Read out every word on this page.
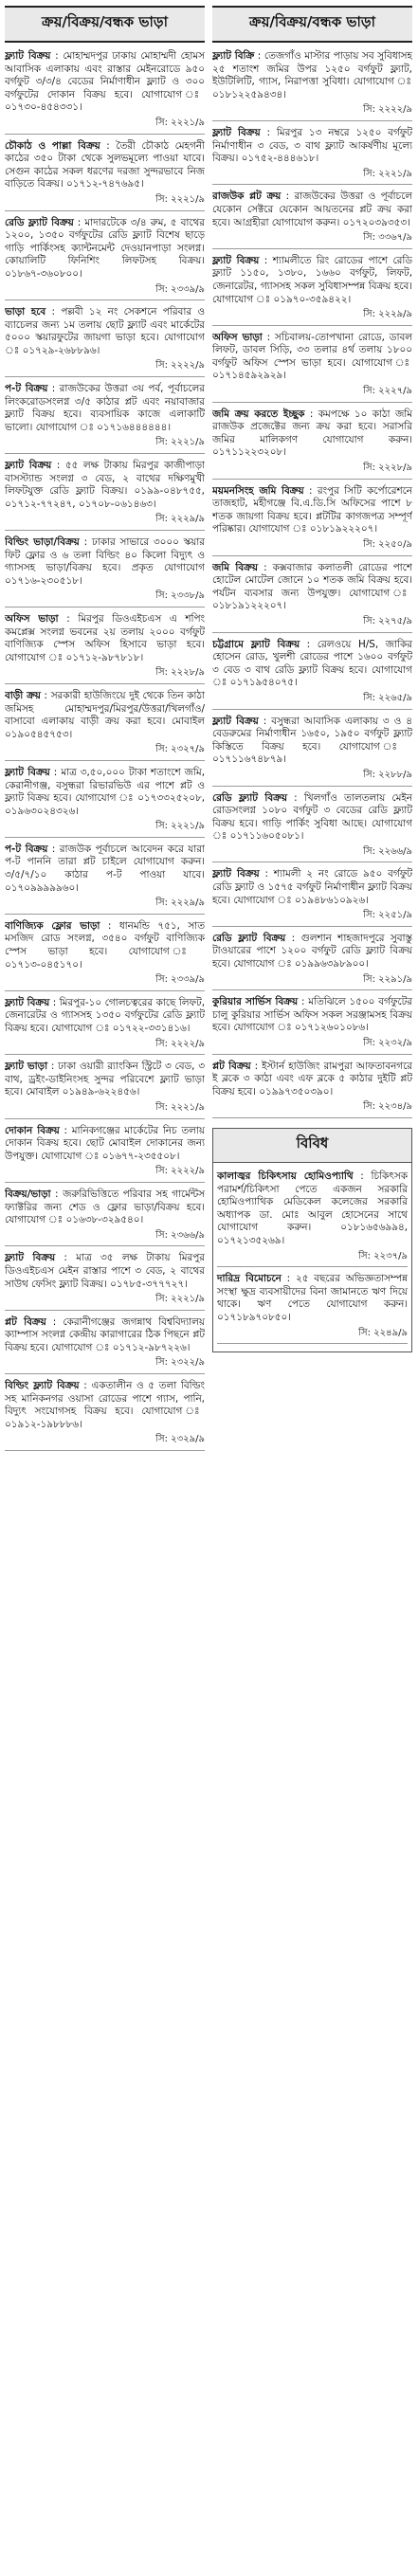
ক্রয়/বিক্রয়/বন্ধক ভাড়া
ফ্ল্যাট বিক্রয় : মোহাম্মদপুর ঢাকায় মোহাম্মদী হোমস আবাসিক এলাকায় এবং রাস্তার মেইনরোডে ৯৫০ বর্গফুট ৩/৩/৪ বেডের নির্মাণাধীন ফ্ল্যাট ও ৩০০ বর্গফুটের দোকান বিক্রয় হবে। যোগাযোগ ঃ ০১৭৩০-৪৫৪৩৩১।
সি: ২২২১/৯
চৌকাঠ ও পাল্লা বিক্রয় : তৈরী চৌকাঠ মেহগনী কাঠের ৩৫০ টাকা থেকে সুলভমূল্যে পাওয়া যাবে। সেগুন কাঠের সকল ধরণের দরজা সুন্দরভাবে নিজ বাড়িতে বিক্রয়। ০১৭১২-৭৪৭৬৯৫।
সি: ২২২১/৯
রেডি ফ্ল্যাট বিক্রয় : মাদারটেকে ৩/৪ রুম, ৫ বাথের ১২০০, ১৩৫০ বর্গফুটের রেডি ফ্ল্যাট বিশেষ ছাড়ে গাড়ি পার্কিংসহ ক্যান্টনমেন্ট দেওয়ানপাড়া সংলগ্ন। কোয়ালিটি ফিনিশিং লিফটসহ বিক্রয়। ০১৮৬৭-৩৬০৮০০।
সি: ২৩৩৯/৯
ভাড়া হবে : পল্লবী ১২ নং সেকশনে পরিবার ও ব্যাচেলর জন্য ১ম তলায় ছোট ফ্ল্যাট এবং মার্কেটের ৫০০০ স্কয়ারফুটের জায়গা ভাড়া হবে। যোগাযোগ ঃ ০১৭২৯-২৬৮৮৯৬।
সি: ২২২২/৯
প-ট বিক্রয় : রাজউকের উত্তরা ৩য় পর্ব, পূর্বাচলের লিংকরোডসংলগ্ন ৩/৫ কাঠার প্লট এবং নয়াবাজার ফ্ল্যাট বিক্রয় হবে। ব্যবসায়িক কাজে এলাকাটি ভালো। যোগাযোগ ঃ ০১৭১৬৪৪৪৪৪৪।
সি: ২২২১/৯
ফ্ল্যাট বিক্রয় : ৫৫ লক্ষ টাকায় মিরপুর কাজীপাড়া বাসস্ট্যান্ড সংলগ্ন ৩ বেড, ২ বাথের দক্ষিণমুখী লিফটযুক্ত রেডি ফ্ল্যাট বিক্রয়। ০১৯৯-০৪৮৭৫৫, ০১৭১২-৭৭২৪৭, ০১৭০৮-০৬১৪৬৩।
সি: ২২২৯/৯
বিল্ডিং ভাড়া/বিক্রয় : ঢাকার সাভারে ৩০০০ স্কয়ার ফিট ফ্লোর ও ৬ তলা বিল্ডিং ৪০ কিলো বিদ্যুৎ ও গ্যাসসহ ভাড়া/বিক্রয় হবে। প্রকৃত যোগাযোগ ০১৭১৬-২৩০৫১৮।
সি: ২৩৩৮/৯
অফিস ভাড়া : মিরপুর ডিওএইচএস এ শপিং কমপ্লেক্স সংলগ্ন ভবনের ২য় তলায় ২০০০ বর্গফুট বাণিজ্যিক স্পেস অফিস হিসাবে ভাড়া হবে। যোগাযোগ ঃ ০১৭১২-৯৮৭৮১৮।
সি: ২২২৮/৯
বাড়ী ক্রয় : সরকারী হাউজিংয়ে দুই থেকে তিন কাঠা জমিসহ মোহাম্মদপুর/মিরপুর/উত্তরা/খিলগাঁও/বাসাবো এলাকায় বাড়ী ক্রয় করা হবে। মোবাইল ০১৯০৫৪৫৭৫৩।
সি: ২৩২৭/৯
ফ্ল্যাট বিক্রয় : মাত্র ৩,৫০,০০০ টাকা শতাংশে জমি, কেরানীগঞ্জ, বসুন্ধরা রিভারভিউ এর পাশে প্লট ও ফ্ল্যাট বিক্রয় হবে। যোগাযোগ ঃ ০১৭৩৩২৫২০৮, ০১৯৬৩০২৪৩২৬।
সি: ২২২১/৯
প-ট বিক্রয় : রাজউক পূর্বাচলে আবেদন করে যারা প-ট পাননি তারা প্লট চাইলে যোগাযোগ করুন। ৩/৫/৭/১০ কাঠার প-ট পাওয়া যাবে। ০১৭০৯৯৯৯৯৬০।
সি: ২২২৯/৯
বাণিজ্যিক ফ্লোর ভাড়া : ধানমন্ডি ৭৫১, সাত মসজিদ রোড সংলগ্ন, ৩৫৪০ বর্গফুট বাণিজ্যিক স্পেস ভাড়া হবে। যোগাযোগ ঃ ০১৭১৩-০৪৫১৭০।
সি: ২৩৩৯/৯
ফ্ল্যাট বিক্রয় : মিরপুর-১০ গোলচত্বরের কাছে লিফট, জেনারেটর ও গ্যাসসহ ১৩৫০ বর্গফুটের রেডি ফ্ল্যাট বিক্রয় হবে। যোগাযোগ ঃ ০১৭২২-৩৩১৪১৬।
সি: ২২২২/৯
ফ্ল্যাট ভাড়া : ঢাকা ওয়ারী র‌্যাংকিন স্ট্রিটে ৩ বেড, ৩ বাথ, ড্রইং-ডাইনিংসহ সুন্দর পরিবেশে ফ্ল্যাট ভাড়া হবে। মোবাইল ০১৯৪৯-৬২২৪৫৬।
সি: ২২২১/৯
দোকান বিক্রয় : মানিকগঞ্জের মার্কেটের নিচ তলায় দোকান বিক্রয় হবে। ছোট মোবাইল দোকানের জন্য উপযুক্ত। যোগাযোগ ঃ ০১৬৭৭-২৩৫৫০৮।
সি: ২২২২/৯
বিক্রয়/ভাড়া : জরুরিভিত্তিতে পরিবার সহ গার্মেন্টস ফ্যাক্টরির জন্য শেড ও ফ্লোর ভাড়া/বিক্রয় হবে। যোগাযোগ ঃ ০১৬৩৮-৩২৯৫৪০।
সি: ২৩৬৬/৯
ফ্ল্যাট বিক্রয় : মাত্র ৩৫ লক্ষ টাকায় মিরপুর ডিওএইচএস মেইন রাস্তার পাশে ৩ বেড, ২ বাথের সাউথ ফেসিং ফ্ল্যাট বিক্রয়। ০১৭৮৫-৩৭৭৭২৭।
সি: ২২২১/৯
প্লট বিক্রয় : কেরানীগঞ্জের জগন্নাথ বিশ্ববিদ্যালয় ক্যাম্পাস সংলগ্ন কেন্দ্রীয় কারাগারের ঠিক পিছনে প্লট বিক্রয় হবে। যোগাযোগ ঃ ০১৭১২-৯৮৭২২৬।
সি: ২৩২২/৯
বিল্ডিং ফ্ল্যাট বিক্রয় : একতালীন ও ৫ তলা বিল্ডিং সহ মানিকনগর ওয়াসা রোডের পাশে গ্যাস, পানি, বিদ্যুৎ সংযোগসহ বিক্রয় হবে। যোগাযোগ ঃ ০১৯১২-১৯৮৮৮৬।
সি: ২৩২৯/৯
ক্রয়/বিক্রয়/বন্ধক ভাড়া
ফ্ল্যাট বিক্রি : তেজগাঁও মাস্টার পাড়ায় সব সুবিধাসহ ২৫ শতাংশ জমির উপর ১২৫০ বর্গফুট ফ্ল্যাট, ইউটিলিটি, গ্যাস, নিরাপত্তা সুবিধা। যোগাযোগ ঃ ০১৮১২২৫৯৪৩৪।
সি: ২২২২/৯
ফ্ল্যাট বিক্রয় : মিরপুর ১৩ নম্বরে ১২৫০ বর্গফুট নির্মাণাধীন ৩ বেড, ৩ বাথ ফ্ল্যাট আকর্ষণীয় মূল্যে বিক্রয়। ০১৭৫২-৪৪৪৬১৮।
সি: ২২২১/৯
রাজউক প্লট ক্রয় : রাজউকের উত্তরা ও পূর্বাচলে যেকোন সেক্টরে যেকোন আয়তনের প্লট ক্রয় করা হবে। আগ্রহীরা যোগাযোগ করুন। ০১৭২০৩৯৩৫৩।
সি: ৩৩৬৭/৯
ফ্ল্যাট বিক্রয় : শ্যামলীতে রিং রোডের পাশে রেডি ফ্ল্যাট ১১৫০, ১৩৮০, ১৬৬০ বর্গফুট, লিফট, জেনারেটর, গ্যাসসহ সকল সুবিধাসম্পন্ন বিক্রয় হবে। যোগাযোগ ঃ ০১৯৭০-৩৫৯৪২২।
সি: ২২২৯/৯
অফিস ভাড়া : সচিবালয়-তোপখানা রোডে, ডাবল লিফট, ডাবল সিড়ি, ৩৩ তলার ৪র্থ তলায় ১৮০০ বর্গফুট অফিস স্পেস ভাড়া হবে। যোগাযোগ ঃ ০১৭১৪৫৯২৯২৯।
সি: ২২২৭/৯
জমি ক্রয় করতে ইচ্ছুক : কমপক্ষে ১০ কাঠা জমি রাজউক প্রজেক্টের জন্য ক্রয় করা হবে। সরাসরি জমির মালিকগণ যোগাযোগ করুন। ০১৭১১২২৩২০৮।
সি: ২২২৮/৯
ময়মনসিংহ জমি বিক্রয় : রংপুর সিটি কর্পোরেশনে তাজহাট, মহীগঞ্জে বি.এ.ডি.সি অফিসের পাশে ৮ শতক জায়গা বিক্রয় হবে। প্লটটির কাগজপত্র সম্পূর্ণ পরিষ্কার। যোগাযোগ ঃ ০১৮১৯২২২০৭।
সি: ২২৫০/৯
জমি বিক্রয় : কক্সবাজার কলাতলী রোডের পাশে হোটেল মোটেল জোনে ১০ শতক জমি বিক্রয় হবে। পর্যটন ব্যবসার জন্য উপযুক্ত। যোগাযোগ ঃ ০১৮১৯১২২২০৭।
সি: ২২৭৫/৯
চট্টগ্রামে ফ্ল্যাট বিক্রয় : রেলওয়ে H/S, জাকির হোসেন রোড, খুলশী রোডের পাশে ১৬০০ বর্গফুট ৩ বেড ৩ বাথ রেডি ফ্ল্যাট বিক্রয় হবে। যোগাযোগ ঃ ০১৭১৯৫৪০৭৫।
সি: ২২৬৫/৯
ফ্ল্যাট বিক্রয় : বসুন্ধরা আবাসিক এলাকায় ৩ ও ৪ বেডরুমের নির্মাণাধীন ১৬৫০, ১৯৫০ বর্গফুট ফ্ল্যাট কিস্তিতে বিক্রয় হবে। যোগাযোগ ঃ ০১৭১১৬৭৪৮৭৯।
সি: ২২৮৮/৯
রেডি ফ্ল্যাট বিক্রয় : খিলগাঁও তালতলায় মেইন রোডসংলগ্ন ১০৮০ বর্গফুট ৩ বেডের রেডি ফ্ল্যাট বিক্রয় হবে। গাড়ি পার্কিং সুবিধা আছে। যোগাযোগ ঃ ০১৭১১৬০৫০৮১।
সি: ২২৬৬/৯
ফ্ল্যাট বিক্রয় : শ্যামলী ২ নং রোডে ৯৫০ বর্গফুট রেডি ফ্ল্যাট ও ১৫৭৫ বর্গফুট নির্মাণাধীন ফ্ল্যাট বিক্রয় হবে। যোগাযোগ ঃ ০১৯৪৮৬১০৯২৬।
সি: ২২৫১/৯
রেডি ফ্ল্যাট বিক্রয় : গুলশান শাহজাদপুরে সুবাস্তু টাওয়ারের পাশে ১২০০ বর্গফুট রেডি ফ্ল্যাট বিক্রয় হবে। যোগাযোগ ঃ ০১৯৯৬৩৯৮৯০০।
সি: ২২৯১/৯
কুরিয়ার সার্ভিস বিক্রয় : মতিঝিলে ১৫০০ বর্গফুটের চালু কুরিয়ার সার্ভিস অফিস সকল সরঞ্জামসহ বিক্রয় হবে। যোগাযোগ ঃ ০১৭১২৬০১০৮৬।
সি: ২২৩২/৯
প্লট বিক্রয় : ইস্টার্ন হাউজিং রামপুরা আফতাবনগরে ই ব্লকে ৩ কাঠা এবং এফ ব্লকে ৫ কাঠার দুইটি প্লট বিক্রয় হবে। ০১৯৯৭৩৫০৩৯০।
সি: ২২৩৪/৯
বিবিধ
কালাজ্বর চিকিৎসায় হোমিওপ্যাথি : চিকিৎসক পরামর্শ/চিকিৎসা পেতে একজন সরকারি হোমিওপ্যাথিক মেডিকেল কলেজের সরকারি অধ্যাপক ডা. মোঃ আবুল হোসেনের সাথে যোগাযোগ করুন। ০১৮১৬৫৬৯৯৪, ০১৭২১৩৫২৬৯।
সি: ২২৩৭/৯
দারিদ্র বিমোচনে : ২৫ বছরের অভিজ্ঞতাসম্পন্ন সংস্থা ক্ষুদ্র ব্যবসায়ীদের বিনা জামানতে ঋণ দিয়ে থাকে। ঋণ পেতে যোগাযোগ করুন। ০১৭১৮৯৭০৮৫০।
সি: ২২৪৯/৯
